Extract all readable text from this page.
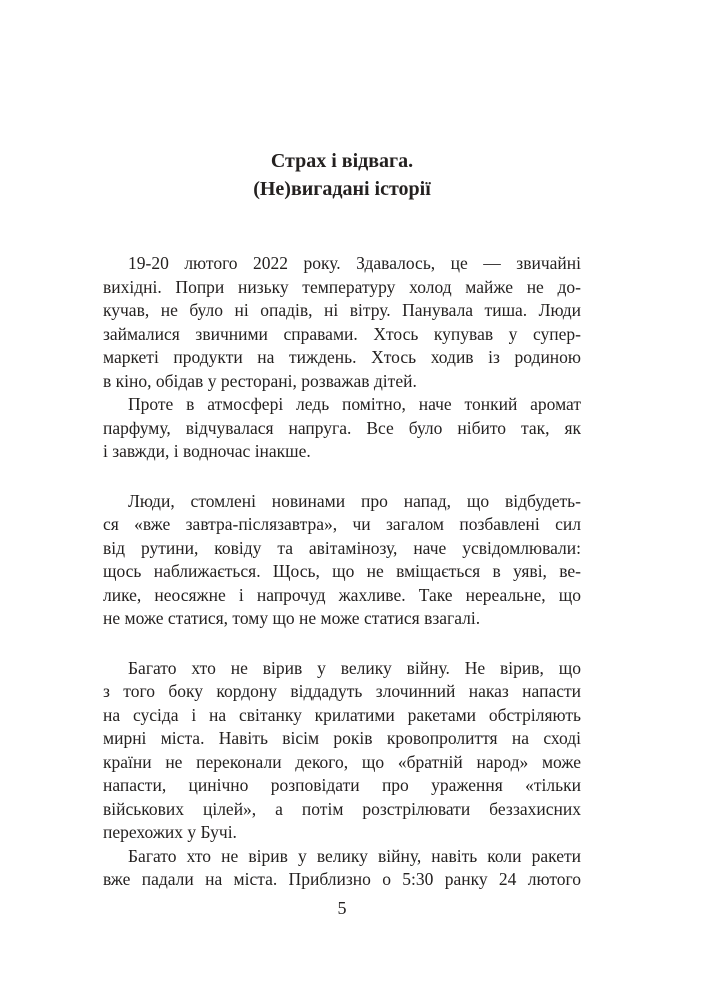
Страх і відвага.
(Не)вигадані історії
19-20 лютого 2022 року. Здавалось, це — звичайні
вихідні. Попри низьку температуру холод майже не до-
кучав, не було ні опадів, ні вітру. Панувала тиша. Люди
займалися звичними справами. Хтось купував у супер-
маркеті продукти на тиждень. Хтось ходив із родиною
в кіно, обідав у ресторані, розважав дітей.
Проте в атмосфері ледь помітно, наче тонкий аромат
парфуму, відчувалася напруга. Все було нібито так, як
і завжди, і водночас інакше.
Люди, стомлені новинами про напад, що відбудеть-
ся «вже завтра-післязавтра», чи загалом позбавлені сил
від рутини, ковіду та авітамінозу, наче усвідомлювали:
щось наближається. Щось, що не вміщається в уяві, ве-
лике, неосяжне і напрочуд жахливе. Таке нереальне, що
не може статися, тому що не може статися взагалі.
Багато хто не вірив у велику війну. Не вірив, що
з того боку кордону віддадуть злочинний наказ напасти
на сусіда і на світанку крилатими ракетами обстріляють
мирні міста. Навіть вісім років кровопролиття на сході
країни не переконали декого, що «братній народ» може
напасти, цинічно розповідати про ураження «тільки
військових цілей», а потім розстрілювати беззахисних
перехожих у Бучі.
Багато хто не вірив у велику війну, навіть коли ракети
вже падали на міста. Приблизно о 5:30 ранку 24 лютого
5
